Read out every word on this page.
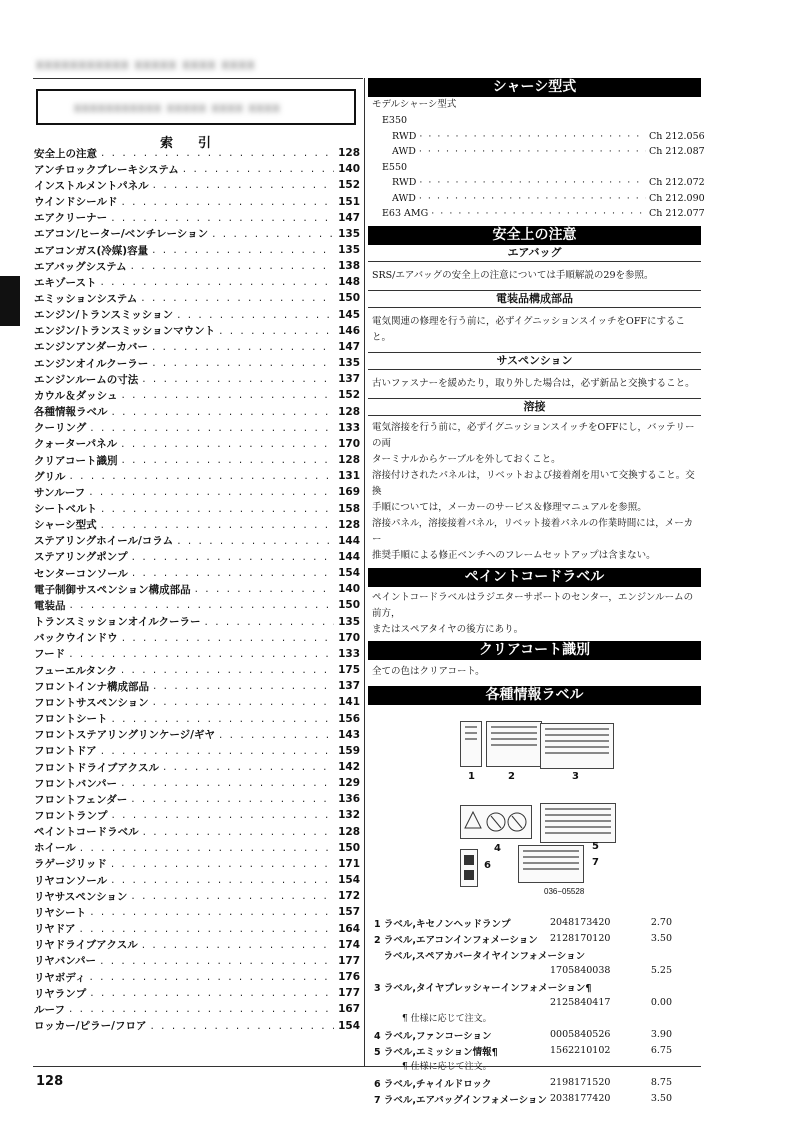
xxxxxxxxxxx xxxxx xxxx xxxx
xxxxxxxxxxx xxxxx xxxx xxxx
索　引
安全上の注意 . . .	128
アンチロックブレーキシステム . . .	140
インストルメントパネル . . .	152
ウインドシールド . . .	151
エアクリーナー . . .	147
エアコン/ヒーター/ベンチレーション . . .	135
エアコンガス(冷媒)容量 . . .	135
エアバッグシステム . . .	138
エキゾースト . . .	148
エミッションシステム . . .	150
エンジン/トランスミッション . . .	145
エンジン/トランスミッションマウント . . .	146
エンジンアンダーカバー . . .	147
エンジンオイルクーラー . . .	135
エンジンルームの寸法 . . .	137
カウル＆ダッシュ . . .	152
各種情報ラベル . . .	128
クーリング . . .	133
クォーターパネル . . .	170
クリアコート識別 . . .	128
グリル . . .	131
サンルーフ . . .	169
シートベルト . . .	158
シャーシ型式 . . .	128
ステアリングホイール/コラム . . .	144
ステアリングポンプ . . .	144
センターコンソール . . .	154
電子制御サスペンション構成部品 . . .	140
電装品 . . .	150
トランスミッションオイルクーラー . . .	135
バックウインドウ . . .	170
フード . . .	133
フューエルタンク . . .	175
フロントインナ構成部品 . . .	137
フロントサスペンション . . .	141
フロントシート . . .	156
フロントステアリングリンケージ/ギヤ . . .	143
フロントドア . . .	159
フロントドライブアクスル . . .	142
フロントバンパー . . .	129
フロントフェンダー . . .	136
フロントランプ . . .	132
ペイントコードラベル . . .	128
ホイール . . .	150
ラゲージリッド . . .	171
リヤコンソール . . .	154
リヤサスペンション . . .	172
リヤシート . . .	157
リヤドア . . .	164
リヤドライブアクスル . . .	174
リヤバンパー . . .	177
リヤボディ . . .	176
リヤランプ . . .	177
ルーフ . . .	167
ロッカー/ピラー/フロア . . .	154
シャーシ型式
モデルシャーシ型式
E350
RWD · · ·	Ch 212.056
AWD · · ·	Ch 212.087
E550
RWD · · ·	Ch 212.072
AWD · · ·	Ch 212.090
E63 AMG · · ·	Ch 212.077
安全上の注意
エアバッグ
SRS/エアバッグの安全上の注意については手順解説の29を参照。
電装品構成部品
電気関連の修理を行う前に，必ずイグニッションスイッチをOFFにすること。
サスペンション
古いファスナーを緩めたり，取り外した場合は，必ず新品と交換すること。
溶接
電気溶接を行う前に，必ずイグニッションスイッチをOFFにし，バッテリーの両
ターミナルからケーブルを外しておくこと。
溶接付けされたパネルは，リベットおよび接着剤を用いて交換すること。交換
手順については，メーカーのサービス＆修理マニュアルを参照。
溶接パネル，溶接接着パネル，リベット接着パネルの作業時間には，メーカー
推奨手順による修正ベンチへのフレームセットアップは含まない。
ペイントコードラベル
ペイントコードラベルはラジエターサポートのセンター，エンジンルームの前方，
またはスペアタイヤの後方にあり。
クリアコート識別
全ての色はクリアコート。
各種情報ラベル
1	2	3
4	5
6	7
036−05528
1 ラベル,キセノンヘッドランプ	2048173420	2.70
2 ラベル,エアコンインフォメーション	2128170120	3.50
　ラベル,スペアカバータイヤインフォメーション
1705840038	5.25
3 ラベル,タイヤプレッシャーインフォメーション¶
2125840417	0.00
¶ 仕様に応じて注文。
4 ラベル,ファンコーション	0005840526	3.90
5 ラベル,エミッション情報¶	1562210102	6.75
6 ラベル,チャイルドロック	2198171520	8.75
7 ラベル,エアバッグインフォメーション 2038177420	3.50
128
